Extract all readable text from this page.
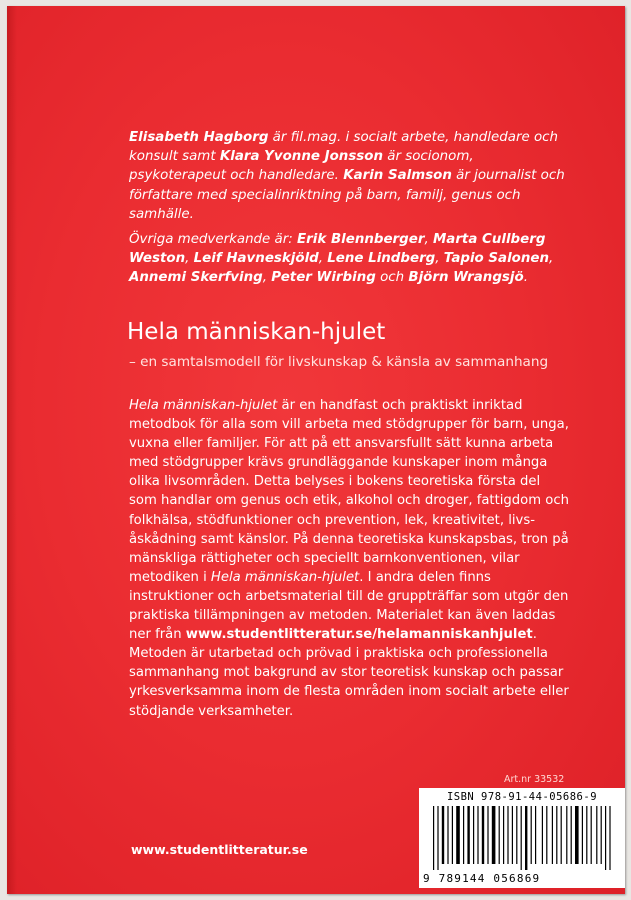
Elisabeth Hagborg är fil.mag. i socialt arbete, handledare och konsult samt Klara Yvonne Jonsson är socionom, psykoterapeut och handledare. Karin Salmson är journalist och författare med specialinriktning på barn, familj, genus och samhälle.

Övriga medverkande är: Erik Blennberger, Marta Cullberg Weston, Leif Havneskjöld, Lene Lindberg, Tapio Salonen, Annemi Skerfving, Peter Wirbing och Björn Wrangsjö.

Hela människan-hjulet
– en samtalsmodell för livskunskap & känsla av sammanhang
Hela människan-hjulet är en handfast och praktiskt inriktad metodbok för alla som vill arbeta med stödgrupper för barn, unga, vuxna eller familjer. För att på ett ansvarsfullt sätt kunna arbeta med stödgrupper krävs grundläggande kunskaper inom många olika livsområden. Detta belyses i bokens teoretiska första del som handlar om genus och etik, alkohol och droger, fattigdom och folkhälsa, stödfunktioner och prevention, lek, kreativitet, livsåskådning samt känslor. På denna teoretiska kunskapsbas, tron på mänskliga rättigheter och speciellt barnkonventionen, vilar metodiken i Hela människan-hjulet. I andra delen finns instruktioner och arbetsmaterial till de gruppträffar som utgör den praktiska tillämpningen av metoden. Materialet kan även laddas ner från www.studentlitteratur.se/helamanniskanhjulet. Metoden är utarbetad och prövad i praktiska och professionella sammanhang mot bakgrund av stor teoretisk kunskap och passar yrkesverksamma inom de flesta områden inom socialt arbete eller stödjande verksamheter.
Art.nr 33532
ISBN 978-91-44-05686-9
9 789144 056869
www.studentlitteratur.se
